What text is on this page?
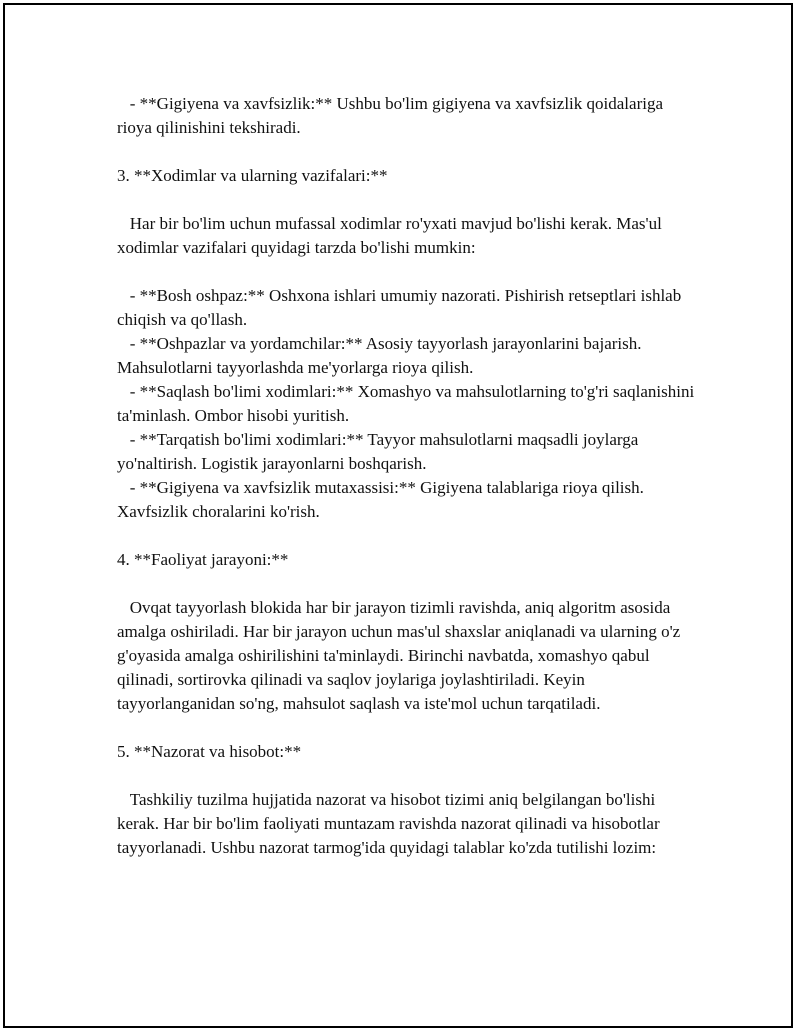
- **Gigiyena va xavfsizlik:** Ushbu bo'lim gigiyena va xavfsizlik qoidalariga rioya qilinishini tekshiradi.

3. **Xodimlar va ularning vazifalari:**

Har bir bo'lim uchun mufassal xodimlar ro'yxati mavjud bo'lishi kerak. Mas'ul xodimlar vazifalari quyidagi tarzda bo'lishi mumkin:

- **Bosh oshpaz:** Oshxona ishlari umumiy nazorati. Pishirish retseptlari ishlab chiqish va qo'llash.

- **Oshpazlar va yordamchilar:** Asosiy tayyorlash jarayonlarini bajarish. Mahsulotlarni tayyorlashda me'yorlarga rioya qilish.

- **Saqlash bo'limi xodimlari:** Xomashyo va mahsulotlarning to'g'ri saqlanishini ta'minlash. Ombor hisobi yuritish.

- **Tarqatish bo'limi xodimlari:** Tayyor mahsulotlarni maqsadli joylarga yo'naltirish. Logistik jarayonlarni boshqarish.

- **Gigiyena va xavfsizlik mutaxassisi:** Gigiyena talablariga rioya qilish. Xavfsizlik choralarini ko'rish.

4. **Faoliyat jarayoni:**

Ovqat tayyorlash blokida har bir jarayon tizimli ravishda, aniq algoritm asosida amalga oshiriladi. Har bir jarayon uchun mas'ul shaxslar aniqlanadi va ularning o'z g'oyasida amalga oshirilishini ta'minlaydi. Birinchi navbatda, xomashyo qabul qilinadi, sortirovka qilinadi va saqlov joylariga joylashtiriladi. Keyin tayyorlanganidan so'ng, mahsulot saqlash va iste'mol uchun tarqatiladi.

5. **Nazorat va hisobot:**

Tashkiliy tuzilma hujjatida nazorat va hisobot tizimi aniq belgilangan bo'lishi kerak. Har bir bo'lim faoliyati muntazam ravishda nazorat qilinadi va hisobotlar tayyorlanadi. Ushbu nazorat tarmog'ida quyidagi talablar ko'zda tutilishi lozim:
